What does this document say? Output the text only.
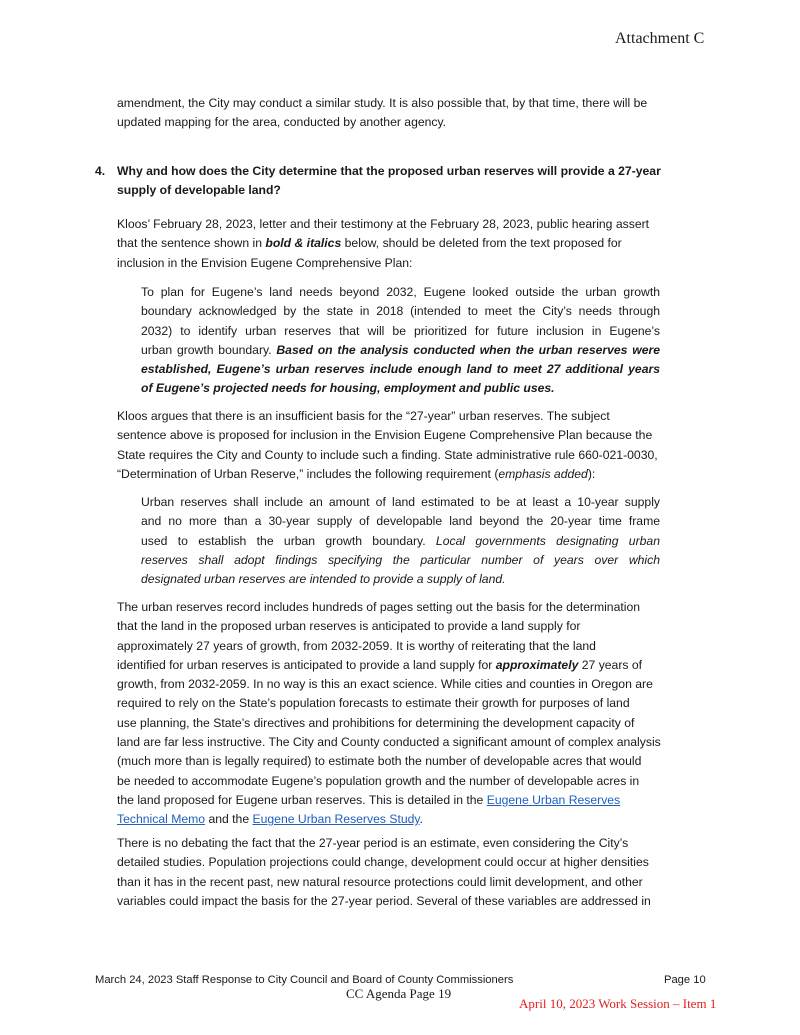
Attachment C
4.
amendment, the City may conduct a similar study. It is also possible that, by that time, there will be
updated mapping for the area, conducted by another agency.
Why and how does the City determine that the proposed urban reserves will provide a 27-year
supply of developable land?
Kloos’ February 28, 2023, letter and their testimony at the February 28, 2023, public hearing assert
that the sentence shown in bold & italics below, should be deleted from the text proposed for
inclusion in the Envision Eugene Comprehensive Plan:
To plan for Eugene’s land needs beyond 2032, Eugene looked outside the urban growth
boundary acknowledged by the state in 2018 (intended to meet the City’s needs through
2032) to identify urban reserves that will be prioritized for future inclusion in Eugene’s
urban growth boundary. Based on the analysis conducted when the urban reserves were
established, Eugene’s urban reserves include enough land to meet 27 additional years
of Eugene’s projected needs for housing, employment and public uses.
Kloos argues that there is an insufficient basis for the “27-year” urban reserves. The subject
sentence above is proposed for inclusion in the Envision Eugene Comprehensive Plan because the
State requires the City and County to include such a finding. State administrative rule 660-021-0030,
“Determination of Urban Reserve,” includes the following requirement (emphasis added):
Urban reserves shall include an amount of land estimated to be at least a 10-year supply
and no more than a 30-year supply of developable land beyond the 20-year time frame
used to establish the urban growth boundary. Local governments designating urban
reserves shall adopt findings specifying the particular number of years over which
designated urban reserves are intended to provide a supply of land.
The urban reserves record includes hundreds of pages setting out the basis for the determination
that the land in the proposed urban reserves is anticipated to provide a land supply for
approximately 27 years of growth, from 2032-2059. It is worthy of reiterating that the land
identified for urban reserves is anticipated to provide a land supply for approximately 27 years of
growth, from 2032-2059. In no way is this an exact science. While cities and counties in Oregon are
required to rely on the State’s population forecasts to estimate their growth for purposes of land
use planning, the State’s directives and prohibitions for determining the development capacity of
land are far less instructive. The City and County conducted a significant amount of complex analysis
(much more than is legally required) to estimate both the number of developable acres that would
be needed to accommodate Eugene’s population growth and the number of developable acres in
the land proposed for Eugene urban reserves. This is detailed in the Eugene Urban Reserves
Technical Memo and the Eugene Urban Reserves Study.
There is no debating the fact that the 27-year period is an estimate, even considering the City’s
detailed studies. Population projections could change, development could occur at higher densities
than it has in the recent past, new natural resource protections could limit development, and other
variables could impact the basis for the 27-year period. Several of these variables are addressed in
March 24, 2023 Staff Response to City Council and Board of County Commissioners	Page 10
CC Agenda Page 19
April 10, 2023 Work Session – Item 1
